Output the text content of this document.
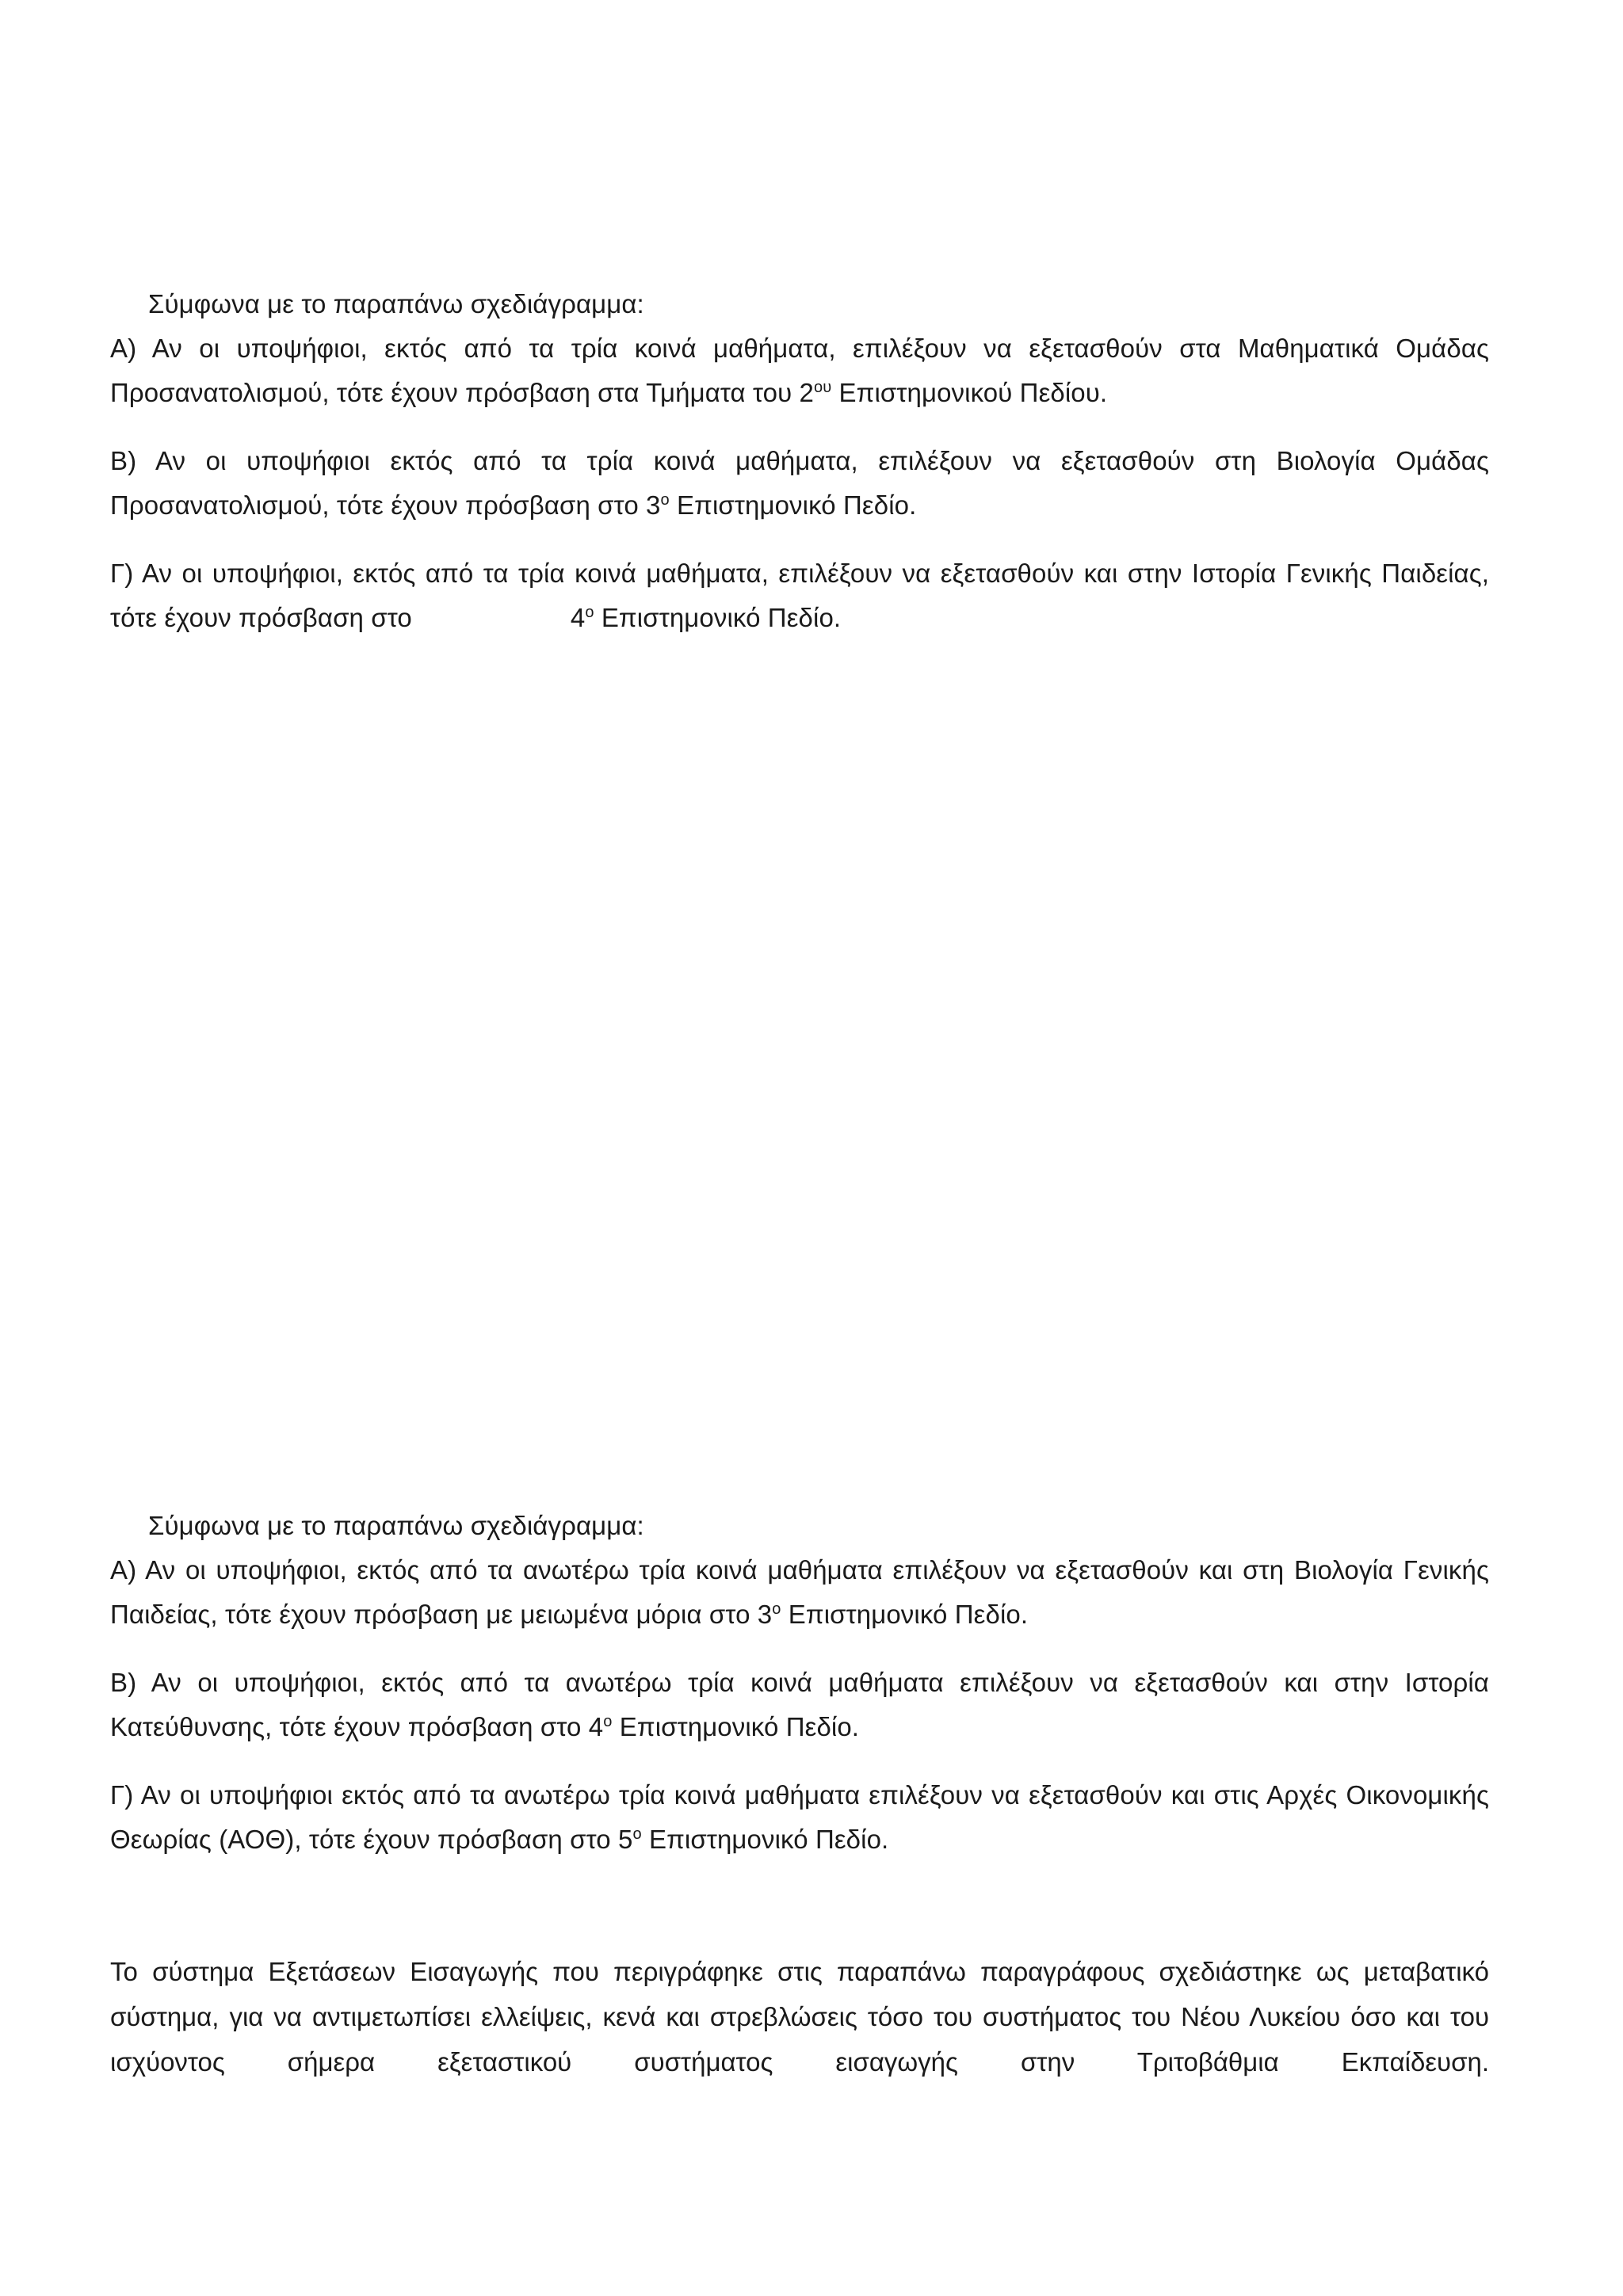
Σύμφωνα με το παραπάνω σχεδιάγραμμα:

Α) Αν οι υποψήφιοι, εκτός από τα τρία κοινά μαθήματα, επιλέξουν να εξετασθούν στα Μαθηματικά Ομάδας Προσανατολισμού, τότε έχουν πρόσβαση στα Τμήματα του $2^{o\upsilon}$ Επιστημονικού Πεδίου.

Β) Αν οι υποψήφιοι εκτός από τα τρία κοινά μαθήματα, επιλέξουν να εξετασθούν στη Βιολογία Ομάδας Προσανατολισμού, τότε έχουν πρόσβαση στο $3^o$ Επιστημονικό Πεδίο.

Γ) Αν οι υποψήφιοι, εκτός από τα τρία κοινά μαθήματα, επιλέξουν να εξετασθούν και στην Ιστορία Γενικής Παιδείας, τότε έχουν πρόσβαση στο	$4^o$ Επιστημονικό Πεδίο.

Σύμφωνα με το παραπάνω σχεδιάγραμμα:

Α) Αν οι υποψήφιοι, εκτός από τα ανωτέρω τρία κοινά μαθήματα επιλέξουν να εξετασθούν και στη Βιολογία Γενικής Παιδείας, τότε έχουν πρόσβαση με μειωμένα μόρια στο $3^o$ Επιστημονικό Πεδίο.

Β) Αν οι υποψήφιοι, εκτός από τα ανωτέρω τρία κοινά μαθήματα επιλέξουν να εξετασθούν και στην Ιστορία Κατεύθυνσης, τότε έχουν πρόσβαση στο $4^o$ Επιστημονικό Πεδίο.

Γ) Αν οι υποψήφιοι εκτός από τα ανωτέρω τρία κοινά μαθήματα επιλέξουν να εξετασθούν και στις Αρχές Οικονομικής Θεωρίας (ΑΟΘ), τότε έχουν πρόσβαση στο $5^o$ Επιστημονικό Πεδίο.

Το σύστημα Εξετάσεων Εισαγωγής που περιγράφηκε στις παραπάνω παραγράφους σχεδιάστηκε ως μεταβατικό σύστημα, για να αντιμετωπίσει ελλείψεις, κενά και στρεβλώσεις τόσο του συστήματος του Νέου Λυκείου όσο και του ισχύοντος σήμερα εξεταστικού συστήματος εισαγωγής στην Τριτοβάθμια Εκπαίδευση.
